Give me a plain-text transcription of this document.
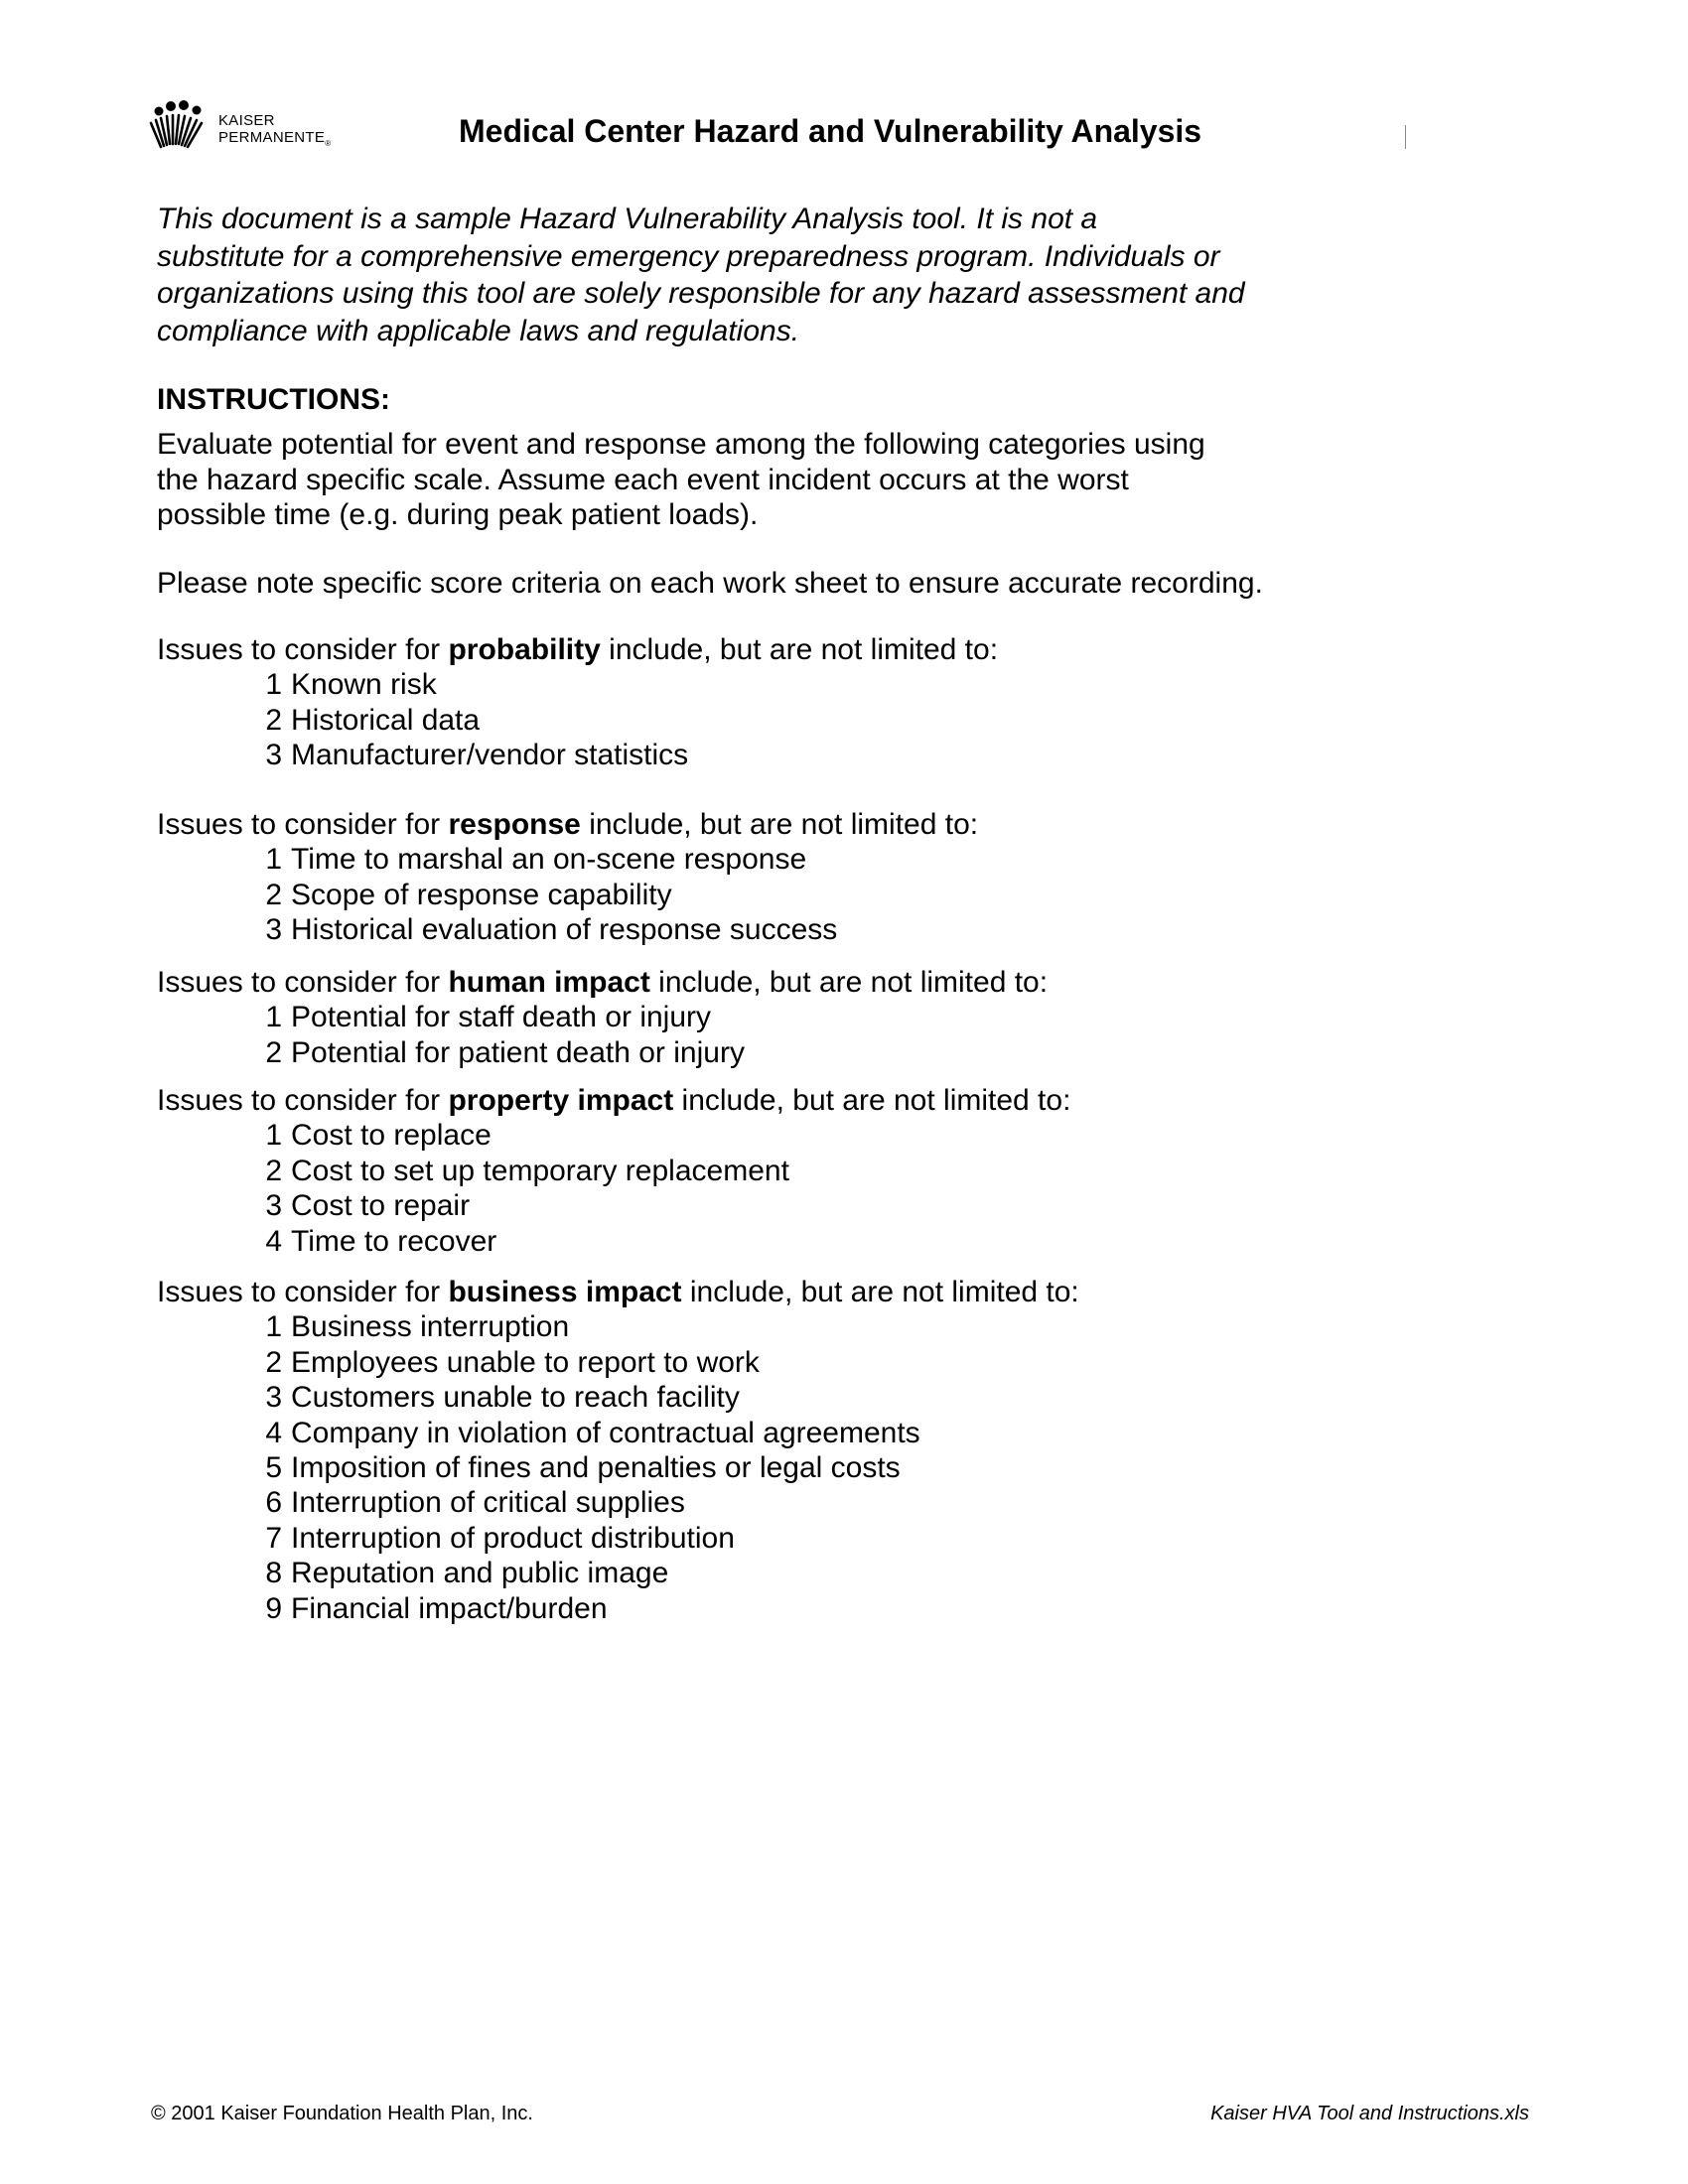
KAISER
$PERMANENTE_®$	Medical Center Hazard and Vulnerability Analysis
This document is a sample Hazard Vulnerability Analysis tool. It is not a
substitute for a comprehensive emergency preparedness program. Individuals or
organizations using this tool are solely responsible for any hazard assessment and
compliance with applicable laws and regulations.
INSTRUCTIONS:
Evaluate potential for event and response among the following categories using
the hazard specific scale. Assume each event incident occurs at the worst
possible time (e.g. during peak patient loads).
Please note specific score criteria on each work sheet to ensure accurate recording.
Issues to consider for probability include, but are not limited to:
1 Known risk
2 Historical data
3 Manufacturer/vendor statistics
Issues to consider for response include, but are not limited to:
1 Time to marshal an on-scene response
2 Scope of response capability
3 Historical evaluation of response success
Issues to consider for human impact include, but are not limited to:
1 Potential for staff death or injury
2 Potential for patient death or injury
Issues to consider for property impact include, but are not limited to:
1 Cost to replace
2 Cost to set up temporary replacement
3 Cost to repair
4 Time to recover
Issues to consider for business impact include, but are not limited to:
1 Business interruption
2 Employees unable to report to work
3 Customers unable to reach facility
4 Company in violation of contractual agreements
5 Imposition of fines and penalties or legal costs
6 Interruption of critical supplies
7 Interruption of product distribution
8 Reputation and public image
9 Financial impact/burden
© 2001 Kaiser Foundation Health Plan, Inc.	Kaiser HVA Tool and Instructions.xls
